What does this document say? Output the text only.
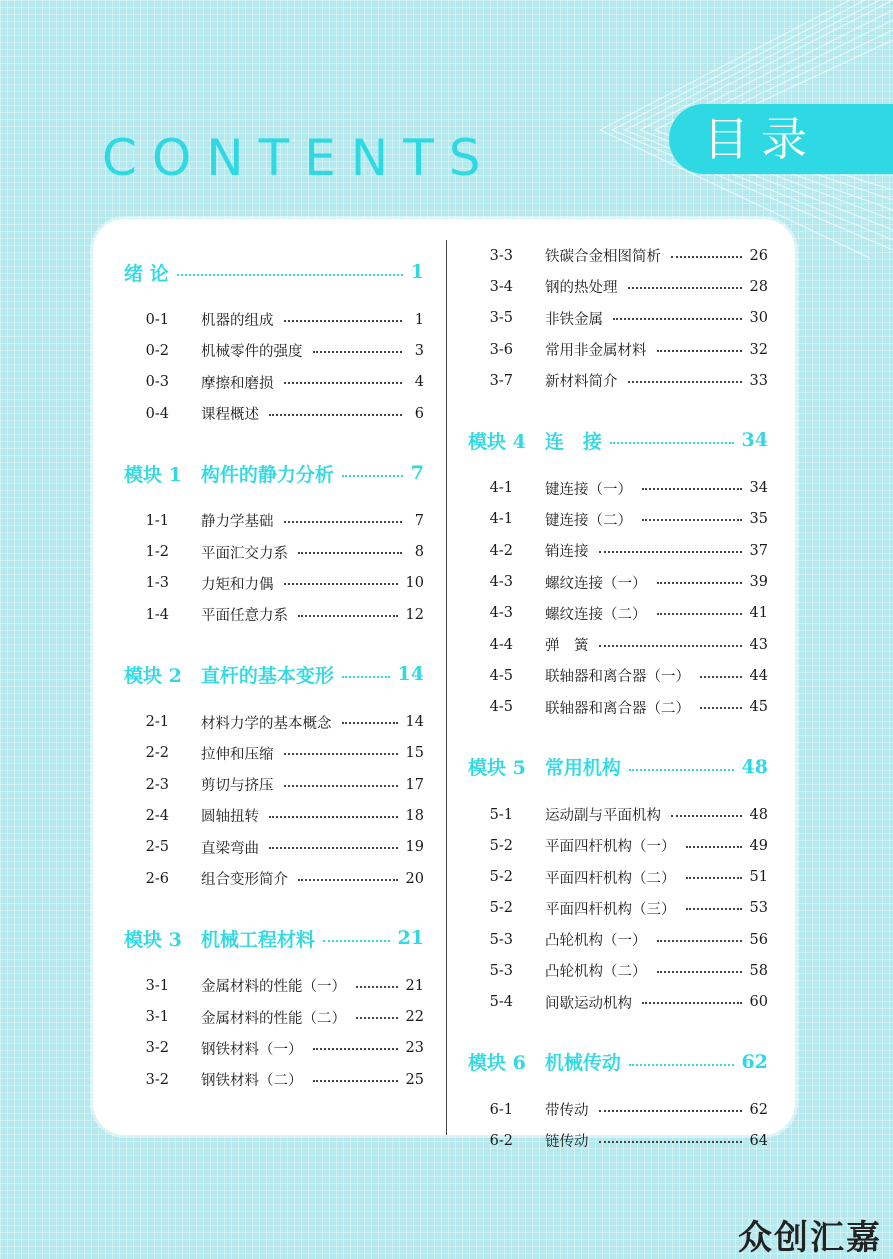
CONTENTS	目录
绪 论	1
0-1 机器的组成	1
0-2 机械零件的强度	3
0-3 摩擦和磨损	4
0-4 课程概述	6
模块 1　构件的静力分析	7
1-1 静力学基础	7
1-2 平面汇交力系	8
1-3 力矩和力偶	10
1-4 平面任意力系	12
模块 2　直杆的基本变形	14
2-1 材料力学的基本概念	14
2-2 拉伸和压缩	15
2-3 剪切与挤压	17
2-4 圆轴扭转	18
2-5 直梁弯曲	19
2-6 组合变形简介	20
模块 3　机械工程材料	21
3-1 金属材料的性能（一）	21
3-1 金属材料的性能（二）	22
3-2 钢铁材料（一）	23
3-2 钢铁材料（二）	25
3-3 铁碳合金相图简析	26
3-4 钢的热处理	28
3-5 非铁金属	30
3-6 常用非金属材料	32
3-7 新材料简介	33
模块 4　连　接	34
4-1 键连接（一）	34
4-1 键连接（二）	35
4-2 销连接	37
4-3 螺纹连接（一）	39
4-3 螺纹连接（二）	41
4-4 弹　簧	43
4-5 联轴器和离合器（一）	44
4-5 联轴器和离合器（二）	45
模块 5　常用机构	48
5-1 运动副与平面机构	48
5-2 平面四杆机构（一）	49
5-2 平面四杆机构（二）	51
5-2 平面四杆机构（三）	53
5-3 凸轮机构（一）	56
5-3 凸轮机构（二）	58
5-4 间歇运动机构	60
模块 6　机械传动	62
6-1 带传动	62
6-2 链传动	64
众创汇嘉
